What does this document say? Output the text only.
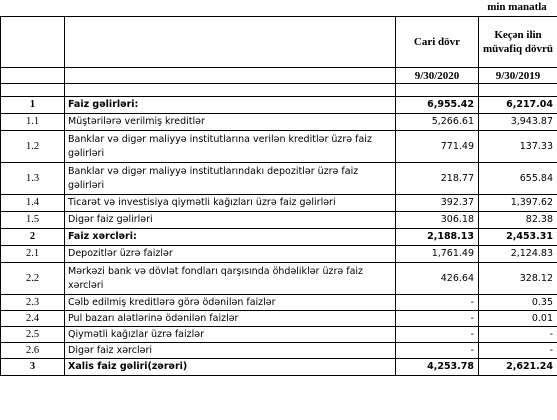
min manatla
		Cari dövr	Keçən ilin müvafiq dövrü
		9/30/2020	9/30/2019

1	Faiz gəlirləri:	6,955.42	6,217.04
1.1	Müştərilərə verilmiş kreditlər	5,266.61	3,943.87
1.2	Banklar və digər maliyyə institutlarına verilən kreditlər üzrə faiz gəlirləri	771.49	137.33
1.3	Banklar və digər maliyyə institutlarındakı depozitlər üzrə faiz gəlirləri	218.77	655.84
1.4	Ticarət və investisiya qiymətli kağızları üzrə faiz gəlirləri	392.37	1,397.62
1.5	Digər faiz gəlirləri	306.18	82.38
2	Faiz xərcləri:	2,188.13	2,453.31
2.1	Depozitlər üzrə faizlər	1,761.49	2,124.83
2.2	Mərkəzi bank və dövlət fondları qarşısında öhdəliklər üzrə faiz xərcləri	426.64	328.12
2.3	Cəlb edilmiş kreditlərə görə ödənilən faizlər	-	0.35
2.4	Pul bazarı alətlərinə ödənilən faizlər	-	0.01
2.5	Qiymətli kağızlar üzrə faizlər	-	-
2.6	Digər faiz xərcləri	-	-
3	Xalis faiz gəliri(zərəri)	4,253.78	2,621.24
